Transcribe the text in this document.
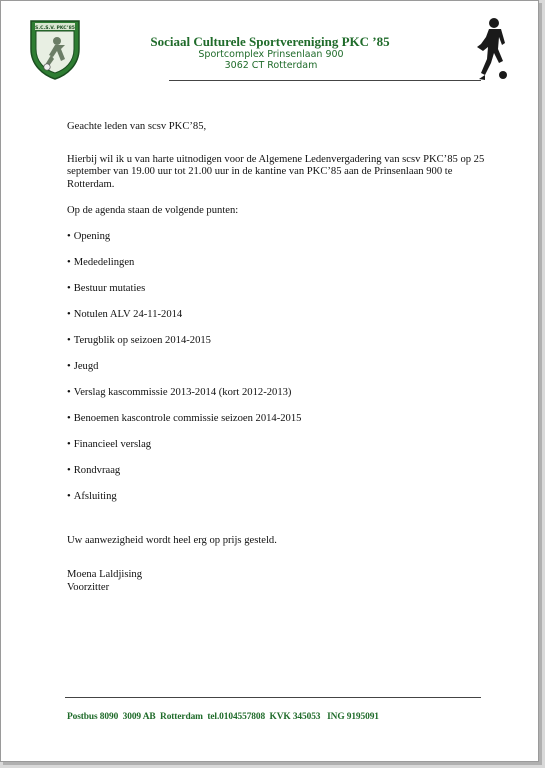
S.C.S.V. PKC’85
Sociaal Culturele Sportvereniging PKC ’85
Sportcomplex Prinsenlaan 900
3062 CT Rotterdam

Geachte leden van scsv PKC’85,

Hierbij wil ik u van harte uitnodigen voor de Algemene Ledenvergadering van scsv PKC’85 op 25 september van 19.00 uur tot 21.00 uur in de kantine van PKC’85 aan de Prinsenlaan 900 te Rotterdam.

Op de agenda staan de volgende punten:

• Opening
• Mededelingen
• Bestuur mutaties
• Notulen ALV 24-11-2014
• Terugblik op seizoen 2014-2015
• Jeugd
• Verslag kascommissie 2013-2014 (kort 2012-2013)
• Benoemen kascontrole commissie seizoen 2014-2015
• Financieel verslag
• Rondvraag
• Afsluiting

Uw aanwezigheid wordt heel erg op prijs gesteld.

Moena Laldjising

Voorzitter

Postbus 8090  3009 AB  Rotterdam  tel.0104557808  KVK 345053   ING 9195091
